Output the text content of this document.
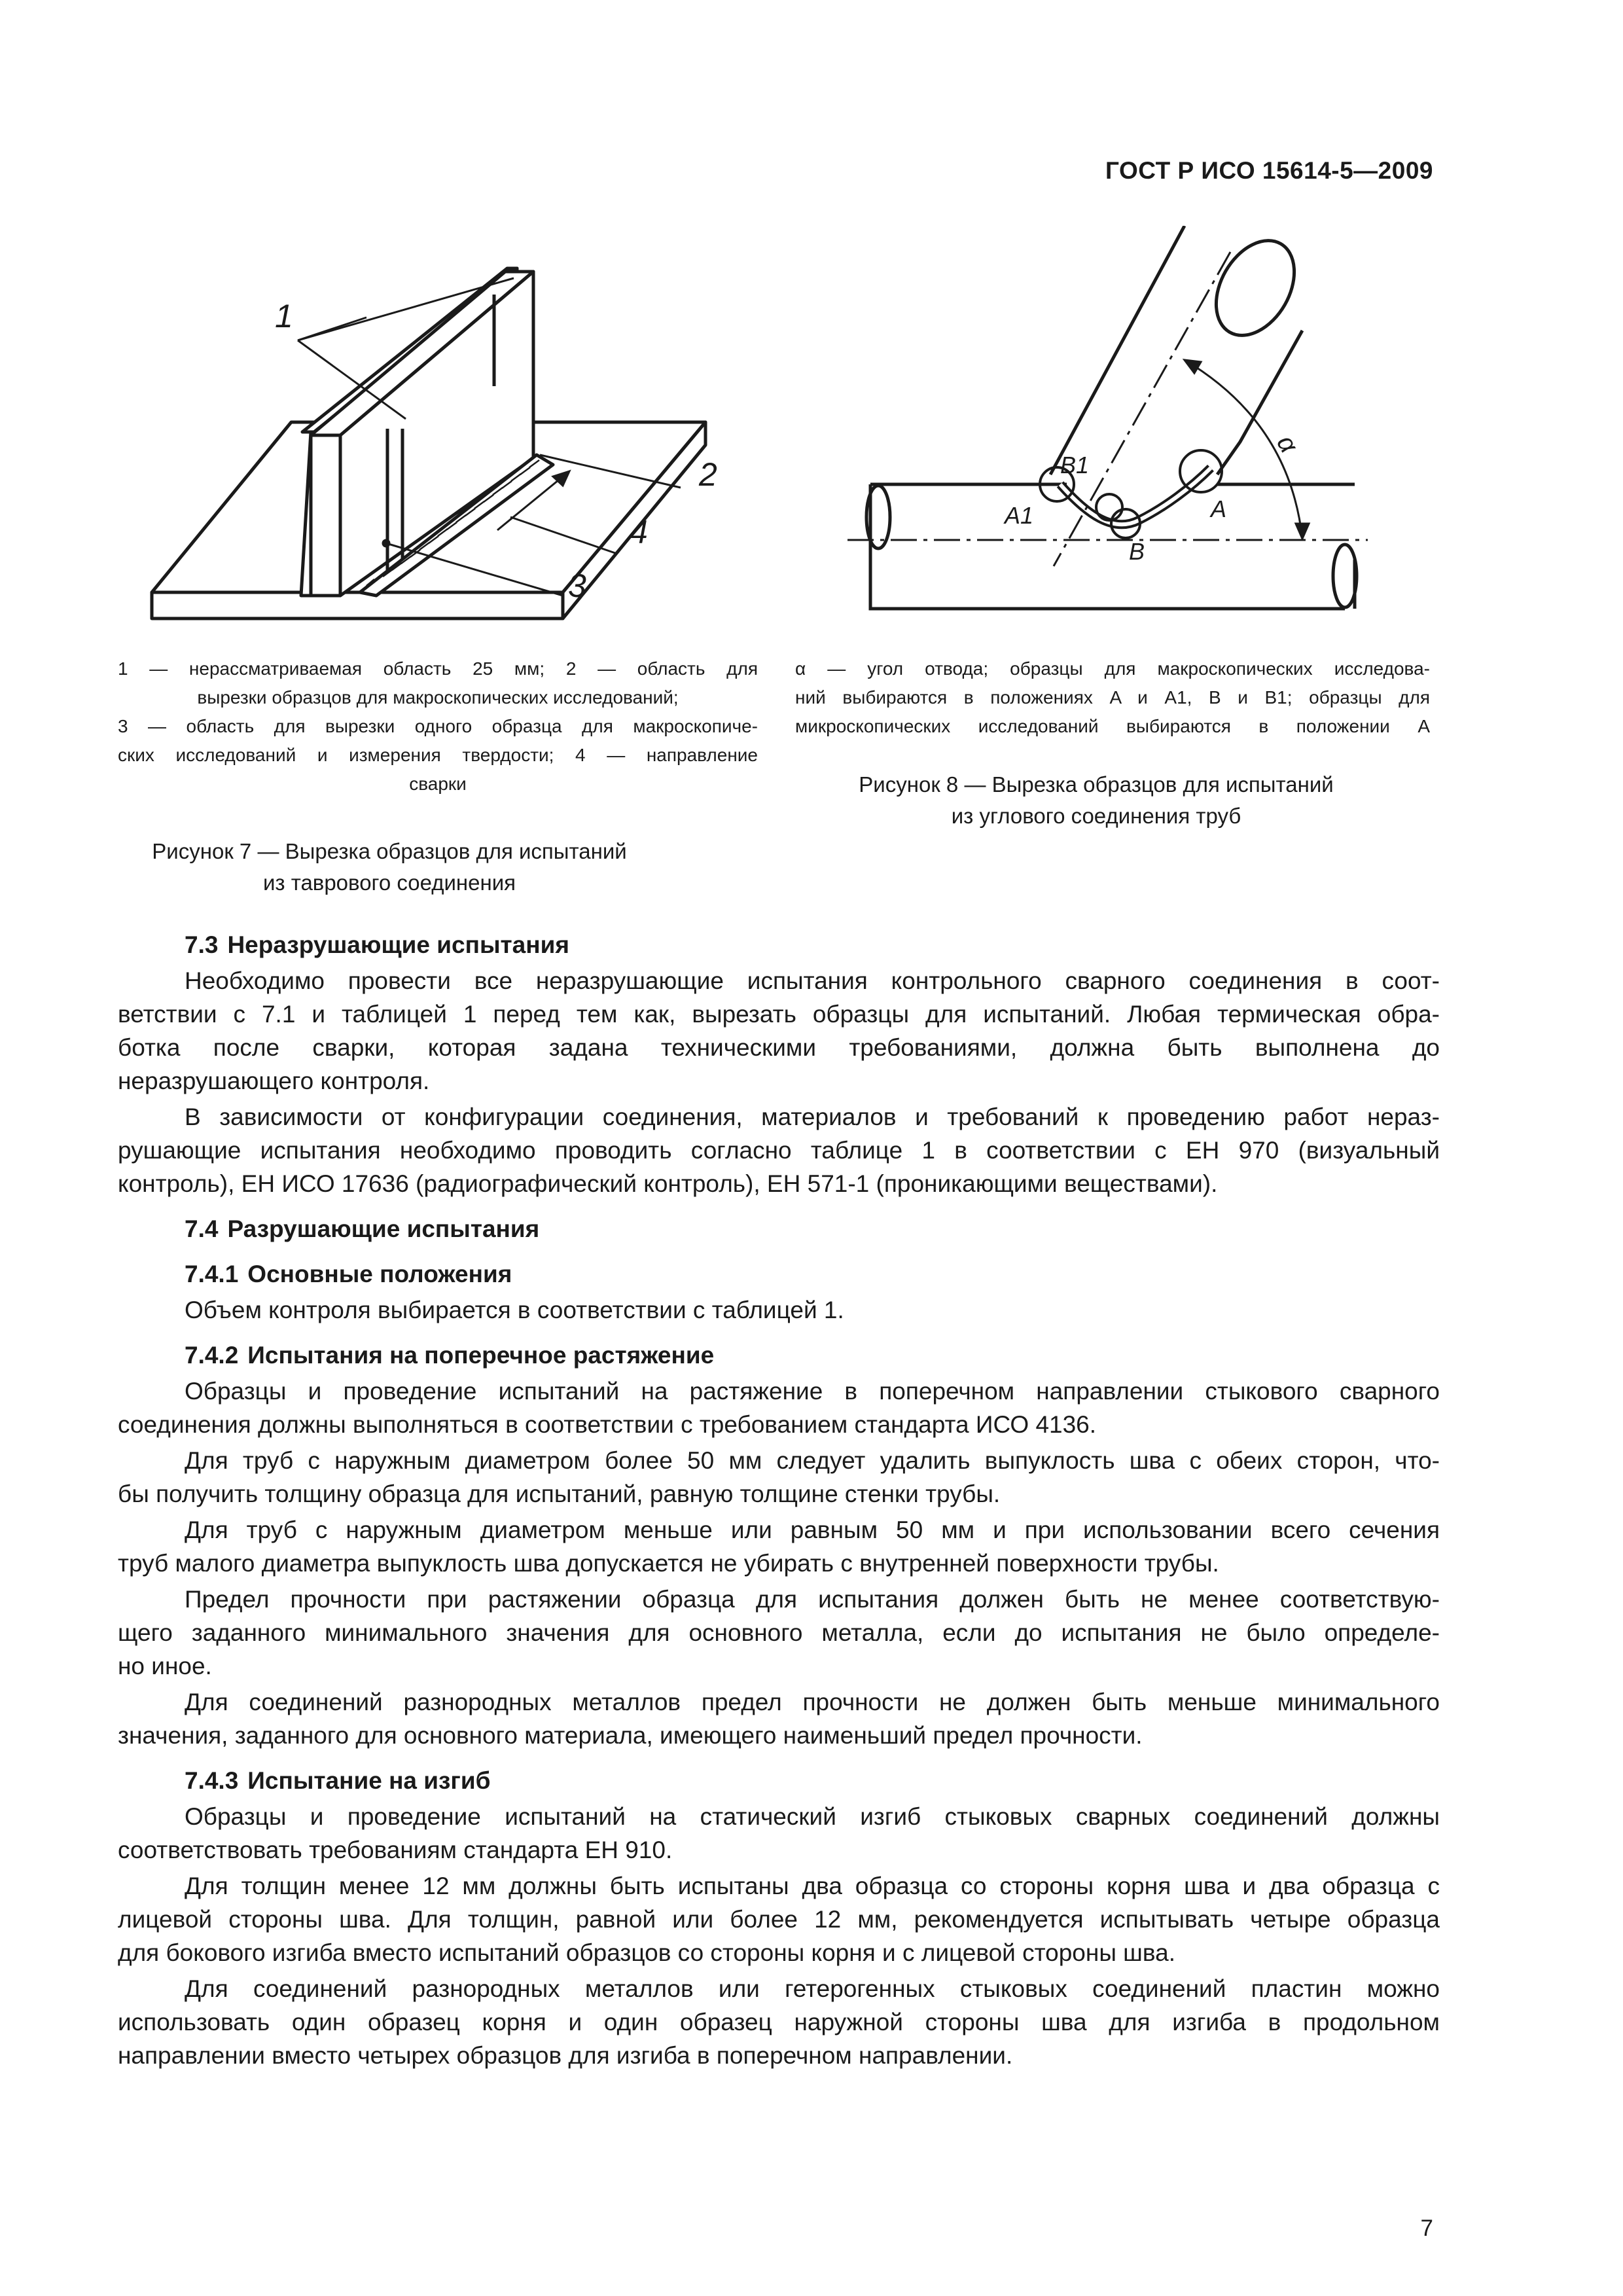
ГОСТ Р ИСО 15614-5—2009
1
2
3
4
1 — нерассматриваемая область 25 мм; 2 — область для
вырезки образцов для макроскопических исследований;
3 — область для вырезки одного образца для макроскопиче-
ских исследований и измерения твердости; 4 — направление
сварки
Рисунок 7 — Вырезка образцов для испытаний
из таврового соединения
α
B1
A1	A
B
α — угол отвода; образцы для макроскопических исследова-
ний выбираются в положениях A и A1, B и B1; образцы для
микроскопических исследований выбираются в положении A
Рисунок 8 — Вырезка образцов для испытаний
из углового соединения труб
7.3 Неразрушающие испытания
Необходимо провести все неразрушающие испытания контрольного сварного соединения в соот-
ветствии с 7.1 и таблицей 1 перед тем как, вырезать образцы для испытаний. Любая термическая обра-
ботка после сварки, которая задана техническими требованиями, должна быть выполнена до
неразрушающего контроля.
В зависимости от конфигурации соединения, материалов и требований к проведению работ нераз-
рушающие испытания необходимо проводить согласно таблице 1 в соответствии с ЕН 970 (визуальный
контроль), ЕН ИСО 17636 (радиографический контроль), ЕН 571-1 (проникающими веществами).
7.4 Разрушающие испытания
7.4.1 Основные положения
Объем контроля выбирается в соответствии с таблицей 1.
7.4.2 Испытания на поперечное растяжение
Образцы и проведение испытаний на растяжение в поперечном направлении стыкового сварного
соединения должны выполняться в соответствии с требованием стандарта ИСО 4136.
Для труб с наружным диаметром более 50 мм следует удалить выпуклость шва с обеих сторон, что-
бы получить толщину образца для испытаний, равную толщине стенки трубы.
Для труб с наружным диаметром меньше или равным 50 мм и при использовании всего сечения
труб малого диаметра выпуклость шва допускается не убирать с внутренней поверхности трубы.
Предел прочности при растяжении образца для испытания должен быть не менее соответствую-
щего заданного минимального значения для основного металла, если до испытания не было определе-
но иное.
Для соединений разнородных металлов предел прочности не должен быть меньше минимального
значения, заданного для основного материала, имеющего наименьший предел прочности.
7.4.3 Испытание на изгиб
Образцы и проведение испытаний на статический изгиб стыковых сварных соединений должны
соответствовать требованиям стандарта ЕН 910.
Для толщин менее 12 мм должны быть испытаны два образца со стороны корня шва и два образца с
лицевой стороны шва. Для толщин, равной или более 12 мм, рекомендуется испытывать четыре образца
для бокового изгиба вместо испытаний образцов со стороны корня и с лицевой стороны шва.
Для соединений разнородных металлов или гетерогенных стыковых соединений пластин можно
использовать один образец корня и один образец наружной стороны шва для изгиба в продольном
направлении вместо четырех образцов для изгиба в поперечном направлении.
7
